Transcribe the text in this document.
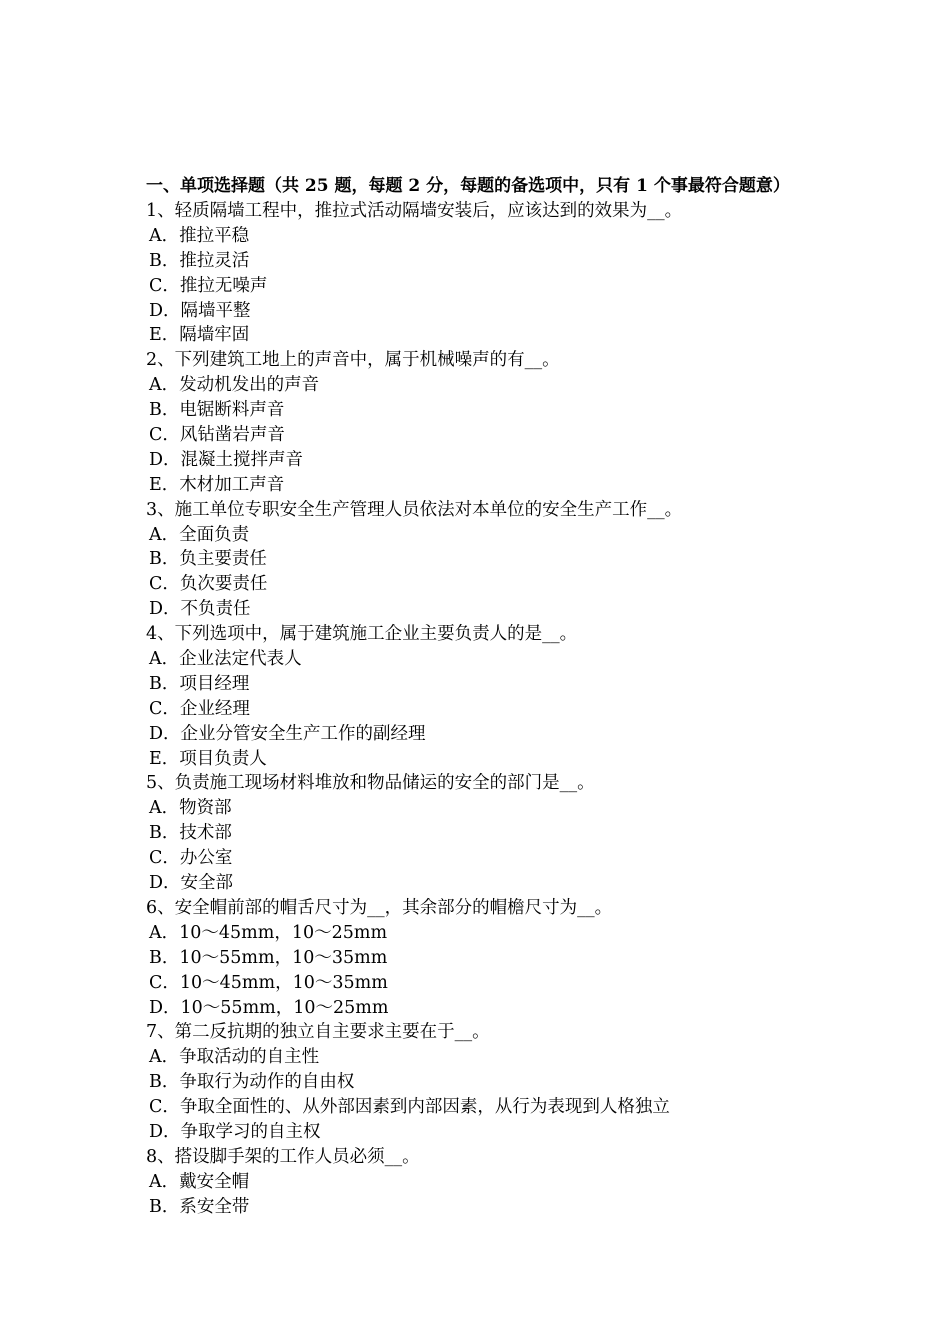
一、单项选择题（共 25 题，每题 2 分，每题的备选项中，只有 1 个事最符合题意）
1、轻质隔墙工程中，推拉式活动隔墙安装后，应该达到的效果为__。
A．推拉平稳
B．推拉灵活
C．推拉无噪声
D．隔墙平整
E．隔墙牢固
2、下列建筑工地上的声音中，属于机械噪声的有__。
A．发动机发出的声音
B．电锯断料声音
C．风钻凿岩声音
D．混凝土搅拌声音
E．木材加工声音
3、施工单位专职安全生产管理人员依法对本单位的安全生产工作__。
A．全面负责
B．负主要责任
C．负次要责任
D．不负责任
4、下列选项中，属于建筑施工企业主要负责人的是__。
A．企业法定代表人
B．项目经理
C．企业经理
D．企业分管安全生产工作的副经理
E．项目负责人
5、负责施工现场材料堆放和物品储运的安全的部门是__。
A．物资部
B．技术部
C．办公室
D．安全部
6、安全帽前部的帽舌尺寸为__，其余部分的帽檐尺寸为__。
A．10～45mm，10～25mm
B．10～55mm，10～35mm
C．10～45mm，10～35mm
D．10～55mm，10～25mm
7、第二反抗期的独立自主要求主要在于__。
A．争取活动的自主性
B．争取行为动作的自由权
C．争取全面性的、从外部因素到内部因素，从行为表现到人格独立
D．争取学习的自主权
8、搭设脚手架的工作人员必须__。
A．戴安全帽
B．系安全带
